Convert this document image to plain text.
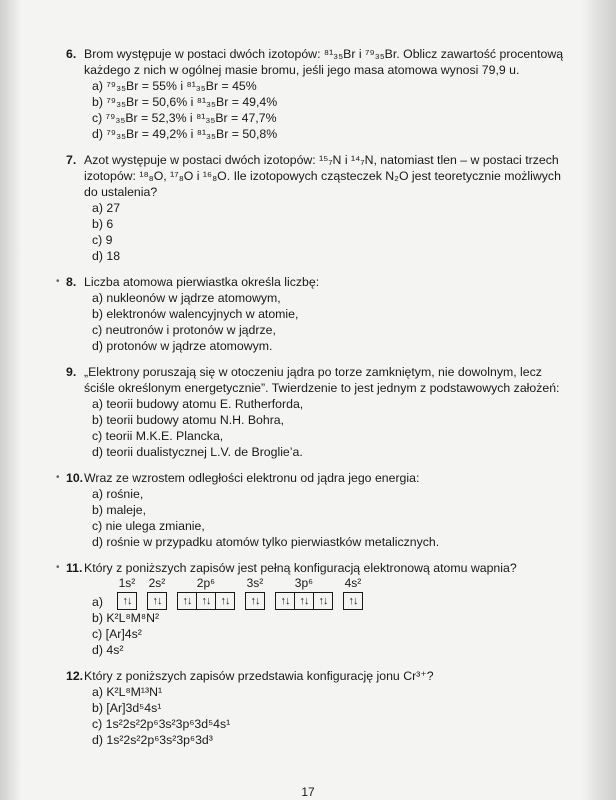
6. Brom występuje w postaci dwóch izotopów: ⁸¹₃₅Br i ⁷⁹₃₅Br. Oblicz zawartość procentową każdego z nich w ogólnej masie bromu, jeśli jego masa atomowa wynosi 79,9 u.
a) ⁷⁹₃₅Br = 55% i ⁸¹₃₅Br = 45%
b) ⁷⁹₃₅Br = 50,6% i ⁸¹₃₅Br = 49,4%
c) ⁷⁹₃₅Br = 52,3% i ⁸¹₃₅Br = 47,7%
d) ⁷⁹₃₅Br = 49,2% i ⁸¹₃₅Br = 50,8%
7. Azot występuje w postaci dwóch izotopów: ¹⁵₇N i ¹⁴₇N, natomiast tlen – w postaci trzech izotopów: ¹⁸₈O, ¹⁷₈O i ¹⁶₈O. Ile izotopowych cząsteczek N₂O jest teoretycznie możliwych do ustalenia?
a) 27
b) 6
c) 9
d) 18
• 8. Liczba atomowa pierwiastka określa liczbę:
a) nukleonów w jądrze atomowym,
b) elektronów walencyjnych w atomie,
c) neutronów i protonów w jądrze,
d) protonów w jądrze atomowym.
9. „Elektrony poruszają się w otoczeniu jądra po torze zamkniętym, nie dowolnym, lecz ściśle określonym energetycznie”. Twierdzenie to jest jednym z podstawowych założeń:
a) teorii budowy atomu E. Rutherforda,
b) teorii budowy atomu N.H. Bohra,
c) teorii M.K.E. Plancka,
d) teorii dualistycznej L.V. de Broglie’a.
• 10. Wraz ze wzrostem odległości elektronu od jądra jego energia:
a) rośnie,
b) maleje,
c) nie ulega zmianie,
d) rośnie w przypadku atomów tylko pierwiastków metalicznych.
• 11. Który z poniższych zapisów jest pełną konfiguracją elektronową atomu wapnia?
a)
1s²
↑↓
2s²
↑↓
2p⁶
↑↓ ↑↓ ↑↓
3s²
↑↓
3p⁶
↑↓ ↑↓ ↑↓
4s²
↑↓
b) K²L⁸M⁸N²
c) [Ar]4s²
d) 4s²
12. Który z poniższych zapisów przedstawia konfigurację jonu Cr³⁺?
a) K²L⁸M¹³N¹
b) [Ar]3d⁵4s¹
c) 1s²2s²2p⁶3s²3p⁶3d⁵4s¹
d) 1s²2s²2p⁶3s²3p⁶3d³
17
